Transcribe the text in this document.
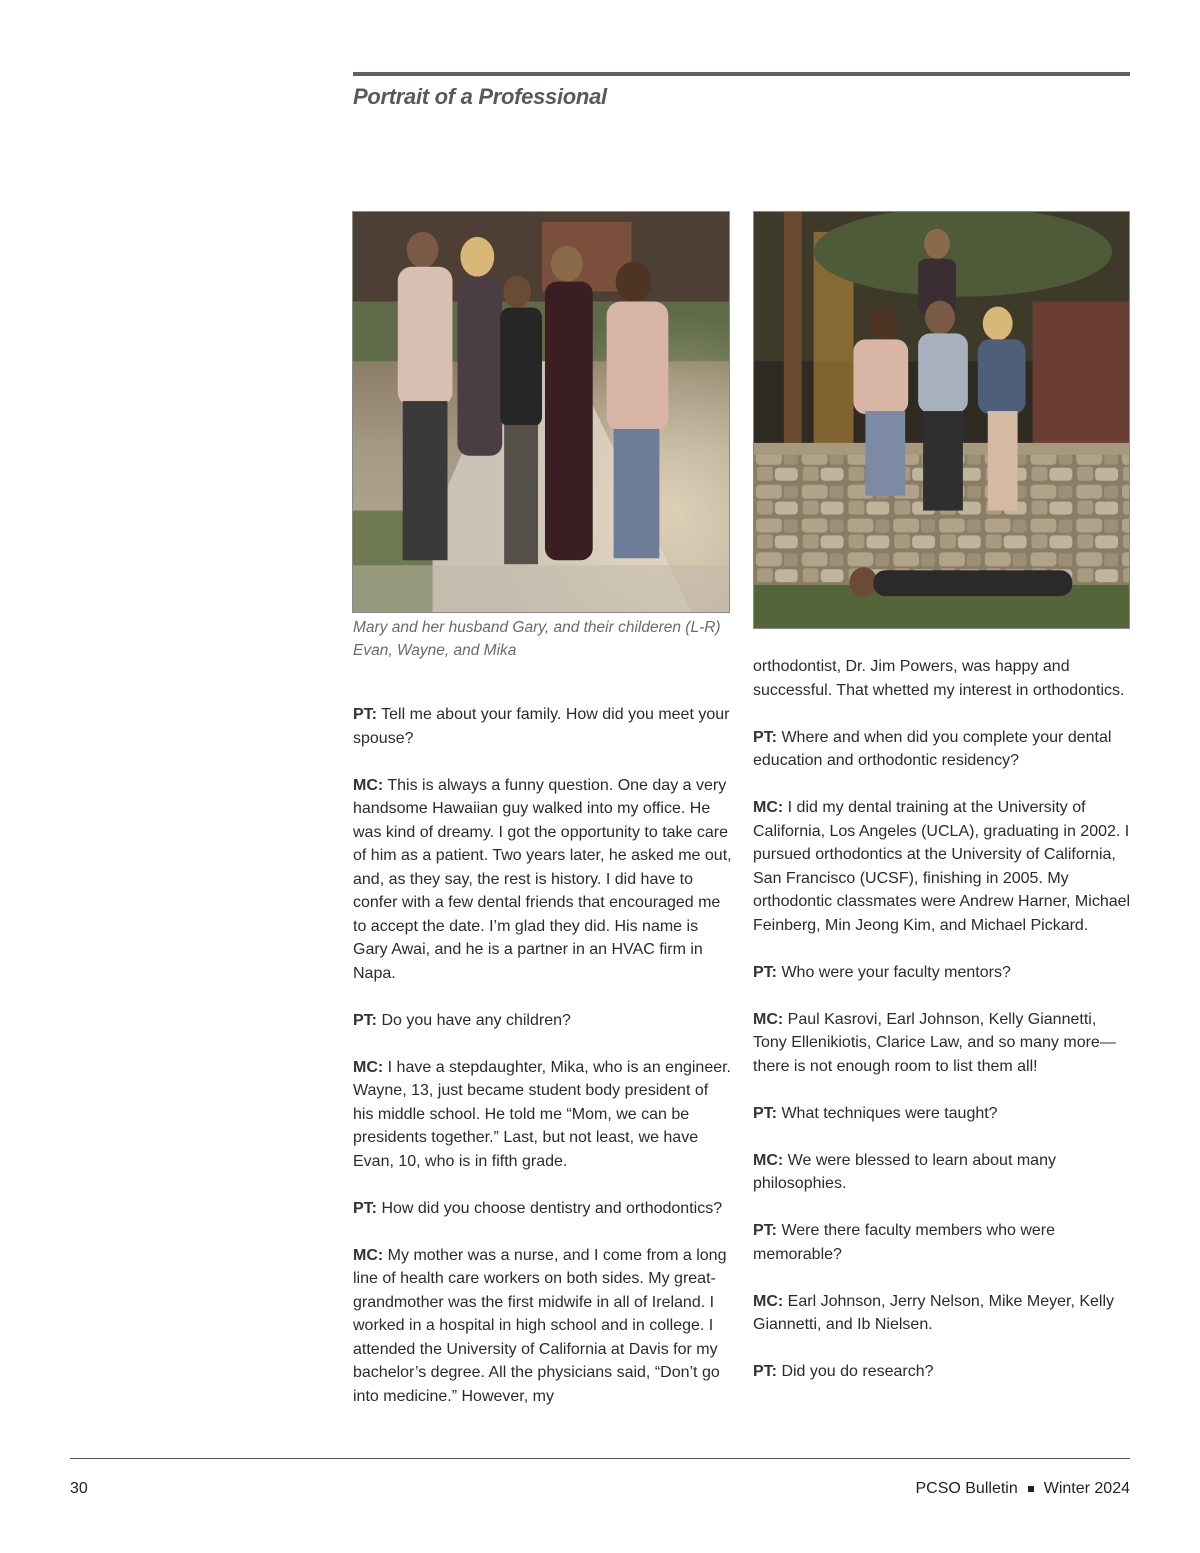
Portrait of a Professional

Mary and her husband Gary, and their childeren (L-R) Evan, Wayne, and Mika

PT: Tell me about your family. How did you meet your spouse?

MC: This is always a funny question. One day a very handsome Hawaiian guy walked into my office. He was kind of dreamy. I got the opportunity to take care of him as a patient. Two years later, he asked me out, and, as they say, the rest is history. I did have to confer with a few dental friends that encouraged me to accept the date. I’m glad they did. His name is Gary Awai, and he is a partner in an HVAC firm in Napa.

PT: Do you have any children?

MC: I have a stepdaughter, Mika, who is an engineer. Wayne, 13, just became student body president of his middle school. He told me “Mom, we can be presidents together.” Last, but not least, we have Evan, 10, who is in fifth grade.

PT: How did you choose dentistry and orthodontics?

MC: My mother was a nurse, and I come from a long line of health care workers on both sides. My great-grandmother was the first midwife in all of Ireland. I worked in a hospital in high school and in college. I attended the University of California at Davis for my bachelor’s degree. All the physicians said, “Don’t go into medicine.” However, my

orthodontist, Dr. Jim Powers, was happy and successful. That whetted my interest in orthodontics.

PT: Where and when did you complete your dental education and orthodontic residency?

MC: I did my dental training at the University of California, Los Angeles (UCLA), graduating in 2002. I pursued orthodontics at the University of California, San Francisco (UCSF), finishing in 2005. My orthodontic classmates were Andrew Harner, Michael Feinberg, Min Jeong Kim, and Michael Pickard.

PT: Who were your faculty mentors?

MC: Paul Kasrovi, Earl Johnson, Kelly Giannetti, Tony Ellenikiotis, Clarice Law, and so many more—there is not enough room to list them all!

PT: What techniques were taught?

MC: We were blessed to learn about many philosophies.

PT: Were there faculty members who were memorable?

MC: Earl Johnson, Jerry Nelson, Mike Meyer, Kelly Giannetti, and Ib Nielsen.

PT: Did you do research?

30	PCSO Bulletin Winter 2024
